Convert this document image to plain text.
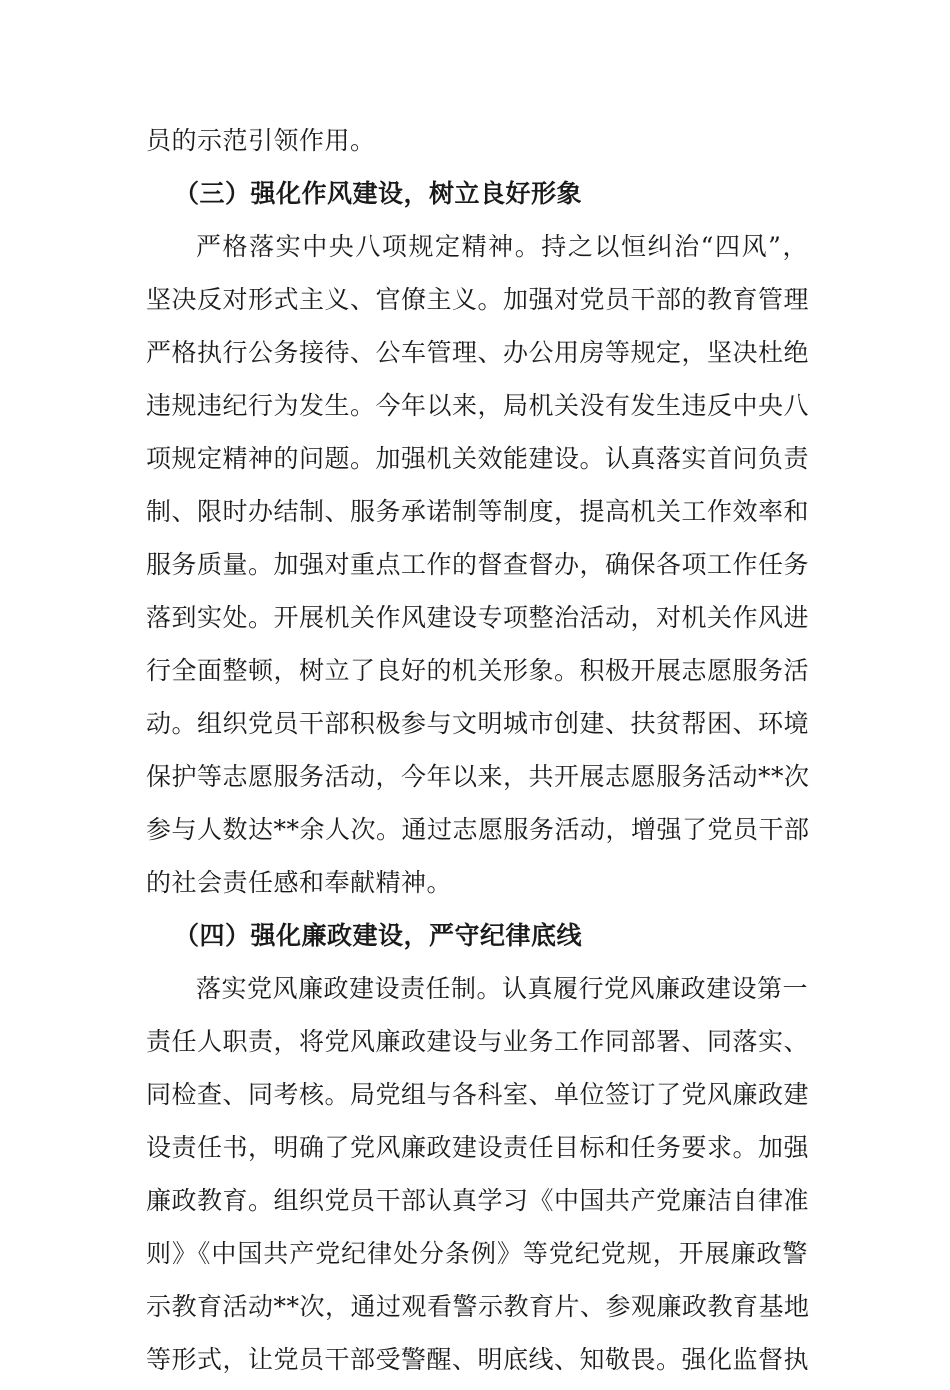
员的示范引领作用。
（三）强化作风建设，树立良好形象
严格落实中央八项规定精神。持之以恒纠治“四风”，
坚决反对形式主义、官僚主义。加强对党员干部的教育管理
严格执行公务接待、公车管理、办公用房等规定，坚决杜绝
违规违纪行为发生。今年以来，局机关没有发生违反中央八
项规定精神的问题。加强机关效能建设。认真落实首问负责
制、限时办结制、服务承诺制等制度，提高机关工作效率和
服务质量。加强对重点工作的督查督办，确保各项工作任务
落到实处。开展机关作风建设专项整治活动，对机关作风进
行全面整顿，树立了良好的机关形象。积极开展志愿服务活
动。组织党员干部积极参与文明城市创建、扶贫帮困、环境
保护等志愿服务活动，今年以来，共开展志愿服务活动**次
参与人数达**余人次。通过志愿服务活动，增强了党员干部
的社会责任感和奉献精神。
（四）强化廉政建设，严守纪律底线
落实党风廉政建设责任制。认真履行党风廉政建设第一
责任人职责，将党风廉政建设与业务工作同部署、同落实、
同检查、同考核。局党组与各科室、单位签订了党风廉政建
设责任书，明确了党风廉政建设责任目标和任务要求。加强
廉政教育。组织党员干部认真学习《中国共产党廉洁自律准
则》《中国共产党纪律处分条例》等党纪党规，开展廉政警
示教育活动**次，通过观看警示教育片、参观廉政教育基地
等形式，让党员干部受警醒、明底线、知敬畏。强化监督执
